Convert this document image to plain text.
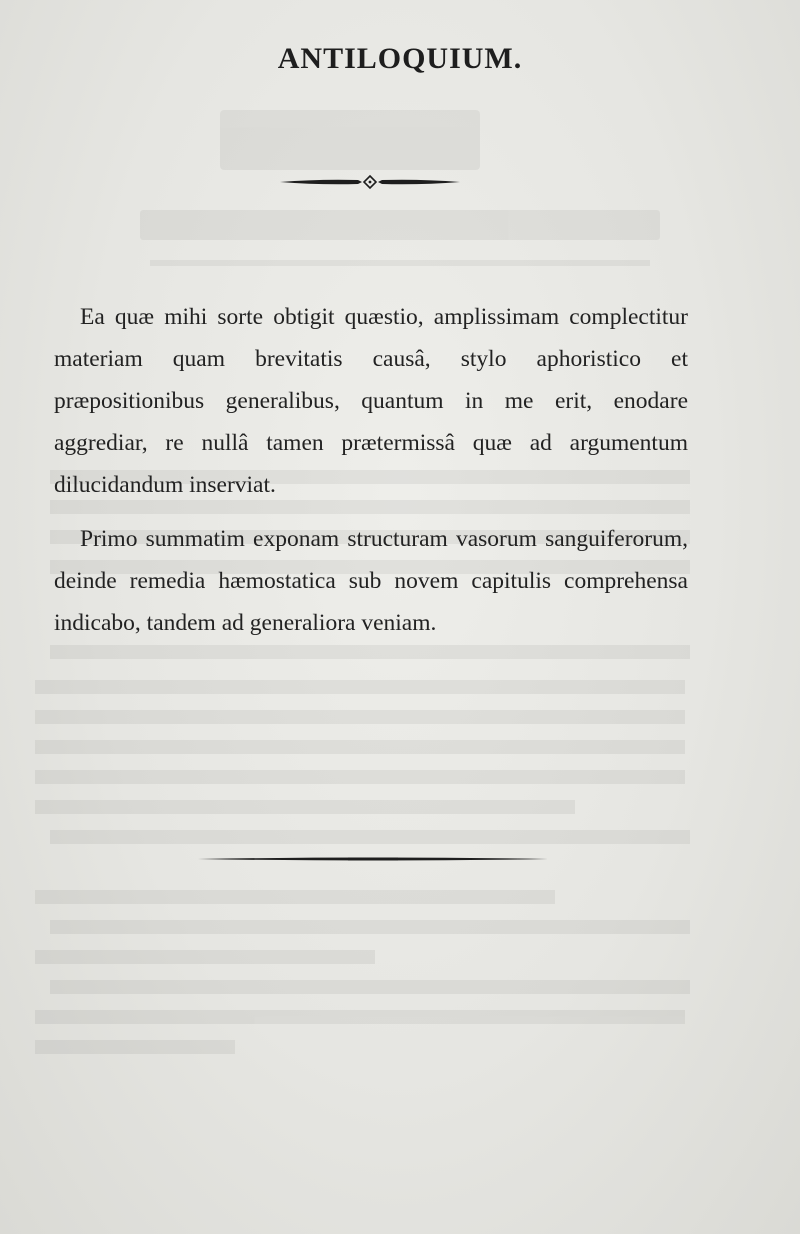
ANTILOQUIUM.

Ea quæ mihi sorte obtigit quæstio, amplissimam complectitur materiam quam brevitatis causâ, stylo aphoristico et præpositionibus generalibus, quantum in me erit, enodare aggrediar, re nullâ tamen prætermissâ quæ ad argumentum dilucidandum inserviat.

Primo summatim exponam structuram vasorum sanguiferorum, deinde remedia hæmostatica sub novem capitulis comprehensa indicabo, tandem ad generaliora veniam.
